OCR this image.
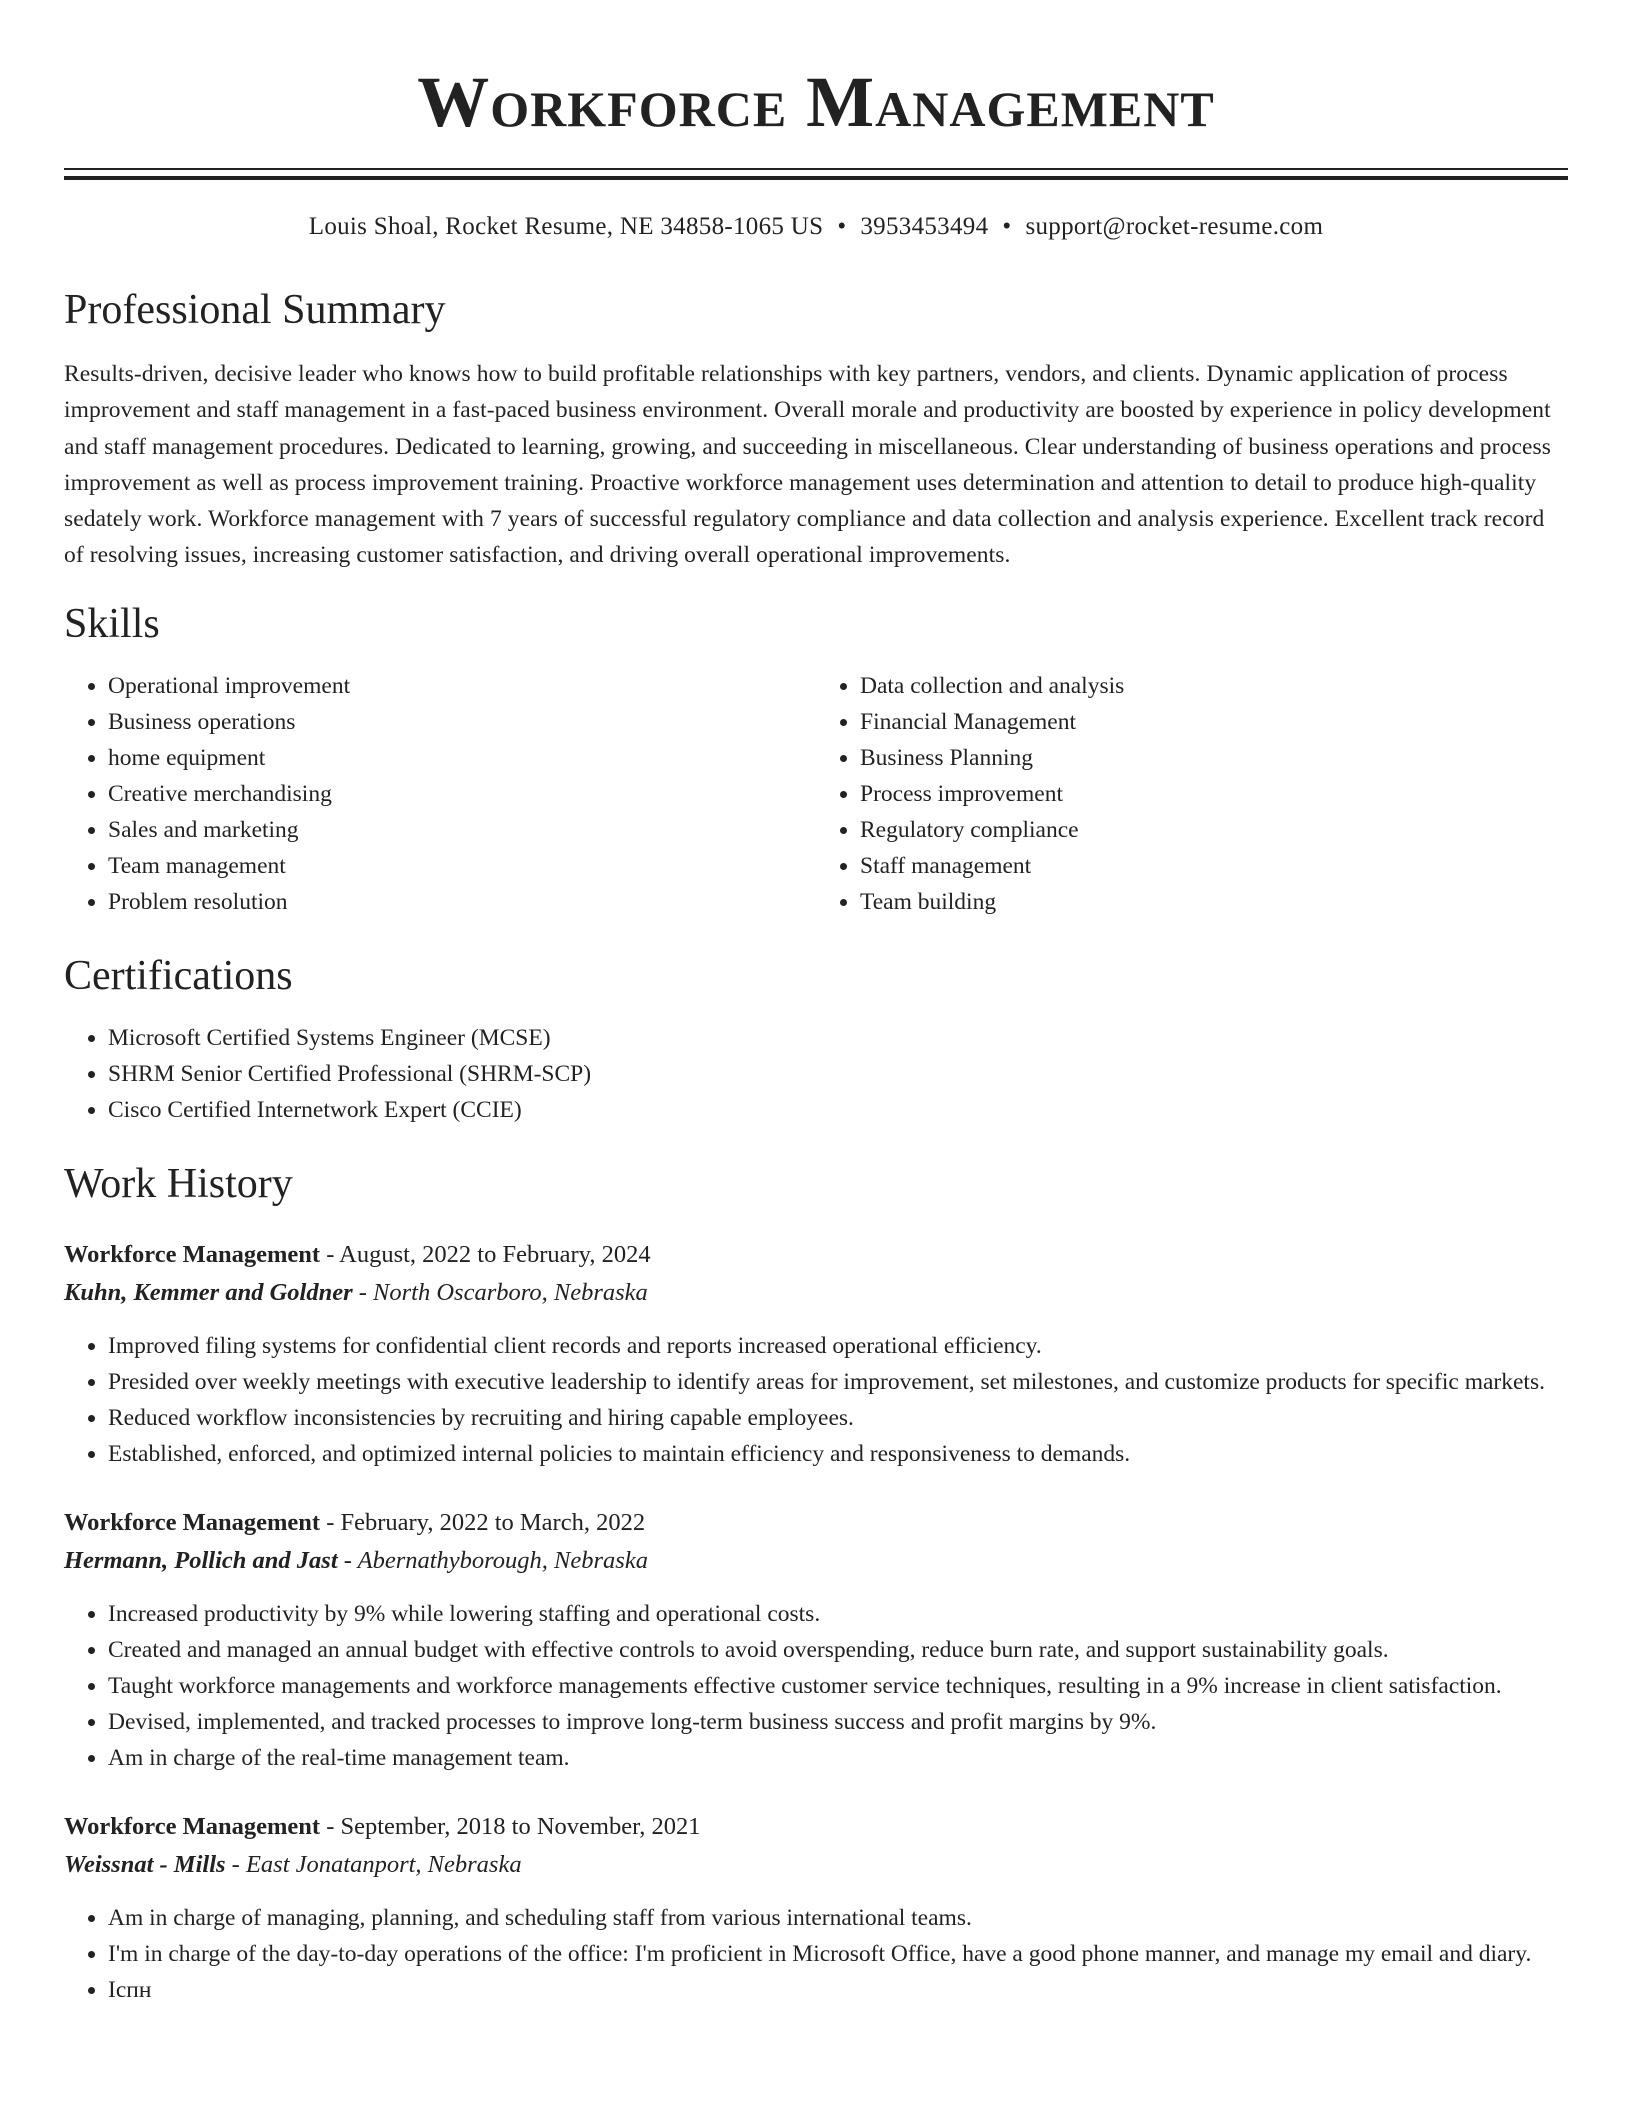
Workforce Management
Louis Shoal, Rocket Resume, NE 34858-1065 US • 3953453494 • support@rocket-resume.com
Professional Summary
Results-driven, decisive leader who knows how to build profitable relationships with key partners, vendors, and clients. Dynamic application of process improvement and staff management in a fast-paced business environment. Overall morale and productivity are boosted by experience in policy development and staff management procedures. Dedicated to learning, growing, and succeeding in miscellaneous. Clear understanding of business operations and process improvement as well as process improvement training. Proactive workforce management uses determination and attention to detail to produce high-quality sedately work. Workforce management with 7 years of successful regulatory compliance and data collection and analysis experience. Excellent track record of resolving issues, increasing customer satisfaction, and driving overall operational improvements.
Skills
• Operational improvement
• Business operations
• home equipment
• Creative merchandising
• Sales and marketing
• Team management
• Problem resolution
• Data collection and analysis
• Financial Management
• Business Planning
• Process improvement
• Regulatory compliance
• Staff management
• Team building
Certifications
• Microsoft Certified Systems Engineer (MCSE)
• SHRM Senior Certified Professional (SHRM-SCP)
• Cisco Certified Internetwork Expert (CCIE)
Work History
Workforce Management - August, 2022 to February, 2024
Kuhn, Kemmer and Goldner - North Oscarboro, Nebraska
• Improved filing systems for confidential client records and reports increased operational efficiency.
• Presided over weekly meetings with executive leadership to identify areas for improvement, set milestones, and customize products for specific markets.
• Reduced workflow inconsistencies by recruiting and hiring capable employees.
• Established, enforced, and optimized internal policies to maintain efficiency and responsiveness to demands.
Workforce Management - February, 2022 to March, 2022
Hermann, Pollich and Jast - Abernathyborough, Nebraska
• Increased productivity by 9% while lowering staffing and operational costs.
• Created and managed an annual budget with effective controls to avoid overspending, reduce burn rate, and support sustainability goals.
• Taught workforce managements and workforce managements effective customer service techniques, resulting in a 9% increase in client satisfaction.
• Devised, implemented, and tracked processes to improve long-term business success and profit margins by 9%.
• Am in charge of the real-time management team.
Workforce Management - September, 2018 to November, 2021
Weissnat - Mills - East Jonatanport, Nebraska
• Am in charge of managing, planning, and scheduling staff from various international teams.
• I'm in charge of the day-to-day operations of the office: I'm proficient in Microsoft Office, have a good phone manner, and manage my email and diary.
• Iспн
